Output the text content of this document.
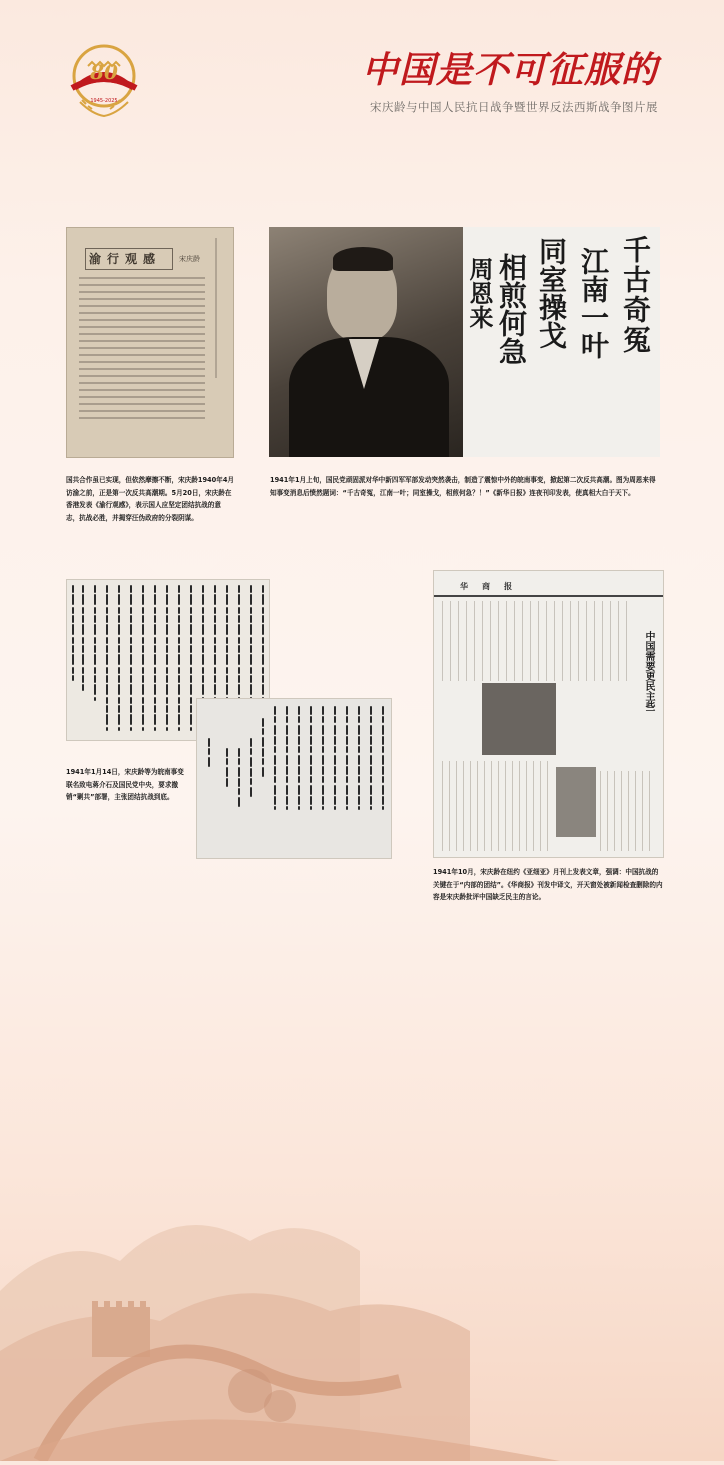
80
1945-2025
中国是不可征服的
宋庆龄与中国人民抗日战争暨世界反法西斯战争图片展
渝行观感	宋庆龄
国共合作虽已实现，但依然摩擦不断，宋庆龄1940年4月访渝之前，正是第一次反共高潮期。5月20日，宋庆龄在香港发表《渝行观感》，表示国人应坚定团结抗战的意志，抗战必胜，并揭穿汪伪政府的分裂阴谋。
千古奇冤
江南一叶
同室操戈
相煎何急
周恩来
1941年1月上旬，国民党顽固派对华中新四军军部发动突然袭击，制造了震惊中外的皖南事变，掀起第二次反共高潮。图为周恩来得知事变消息后愤然题词：“千古奇冤，江南一叶；同室操戈，相煎何急？！”《新华日报》连夜刊印发表，使真相大白于天下。
1941年1月14日，宋庆龄等为皖南事变联名致电蒋介石及国民党中央，要求撤销“剿共”部署，主张团结抗战到底。
华商报
中国需要更民主些
1941年10月，宋庆龄在纽约《亚细亚》月刊上发表文章，强调：中国抗战的关键在于“内部的团结”。《华商报》刊发中译文，开天窗处被新闻检查删除的内容是宋庆龄批评中国缺乏民主的言论。
